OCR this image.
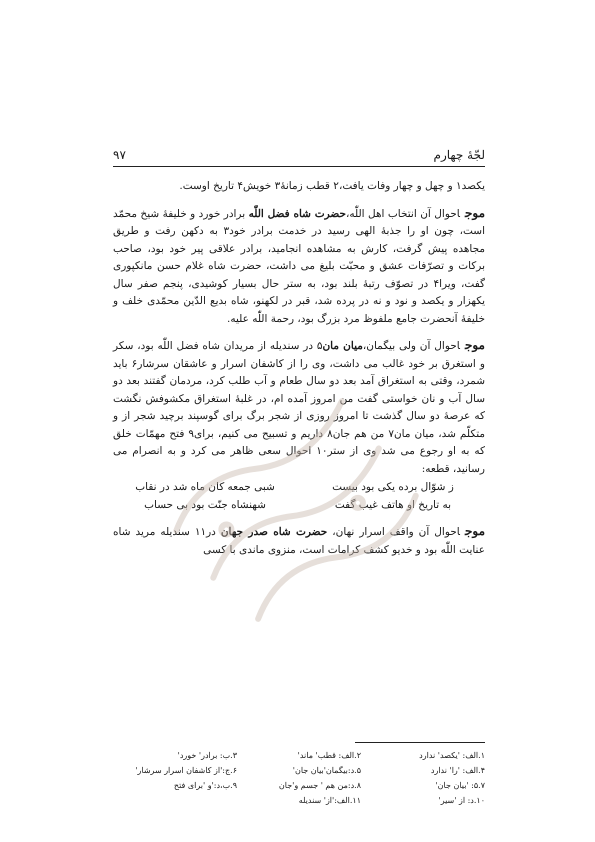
۹۷	لجّهٔ چهارم

یکصد۱ و چهل و چهار وفات یافت،۲ قطب زمانهٔ۳ خویش۴ تاریخ اوست.

موجاحوال آن انتخاب اهل اللّٰه،حضرت شاه فضل اللّٰه برادر خورد و خلیفهٔ شیخ محمّد است، چون او را جذبهٔ الهی رسید در خدمت برادر خود۳ به دکهن رفت و طریق مجاهده پیش گرفت، کارش به مشاهده انجامید، برادر علاقی پیر خود بود، صاحب برکات و تصرّفات عشق و محبّت بلیغ می داشت، حضرت شاه غلام حسن مانکپوری گفت، ویرا۴ در تصوّف رتبهٔ بلند بود، به ستر حال بسیار کوشیدی، پنجم صفر سال یکهزار و یکصد و نود و نه در پرده شد، قبر در لکهنو، شاه بدیع الدّین محمّدی خلف و خلیفهٔ آنحضرت جامع ملفوظ مرد بزرگ بود، رحمة اللّٰه علیه.

موجاحوال آن ولی بیگمان،میان مان۵ در سندیله از مریدان شاه فضل اللّٰه بود، سکر و استغرق بر خود غالب می داشت، وی را از کاشفان اسرار و عاشقان سرشار۶ باید شمرد، وقتی به استغراق آمد بعد دو سال طعام و آب طلب کرد، مردمان گفتند بعد دو سال آب و نان خواستی گفت من امروز آمده ام، در غلبهٔ استغراق مکشوفش نگشت که عرصهٔ دو سال گذشت تا امروز روزی از شجر برگ برای گوسپند برچید شجر از و متکلّم شد، میان مان۷ من هم جان۸ داریم و تسبیح می کنیم، برای۹ فتح مهمّات خلق که به او رجوع می شد وی از ستر۱۰ احوال سعی ظاهر می کرد و به انصرام می رسانید، قطعه:

ز شوّال برده یکی بود بیست
شبی جمعه کان ماه شد در نقاب
به تاریخ او هاتف غیب گفت
شهنشاه جنّت بود بی حساب

موجاحوال آن واقف اسرار نهان، حضرت شاه صدر جهان در۱۱ سندیله مرید شاه عنایت اللّٰه بود و خدیو کشف کرامات است، منزوی ماندی با کسی

۱.الف: 'یکصد' ندارد
۲.الف: قطب' ماند'
۳.ب: برادر' خورد'
۴.الف: 'را' ندارد
۵.د:بیگمان'بیان جان'
۶.ج:'از کاشفان اسرار سرشار'
۵.۷: 'بیان جان'
۸.د:من هم ' جسم و'جان
۹.ب،د:'و 'برای فتح
۱۰.د: از 'سیر'
۱۱.الف:'از' سندیله
